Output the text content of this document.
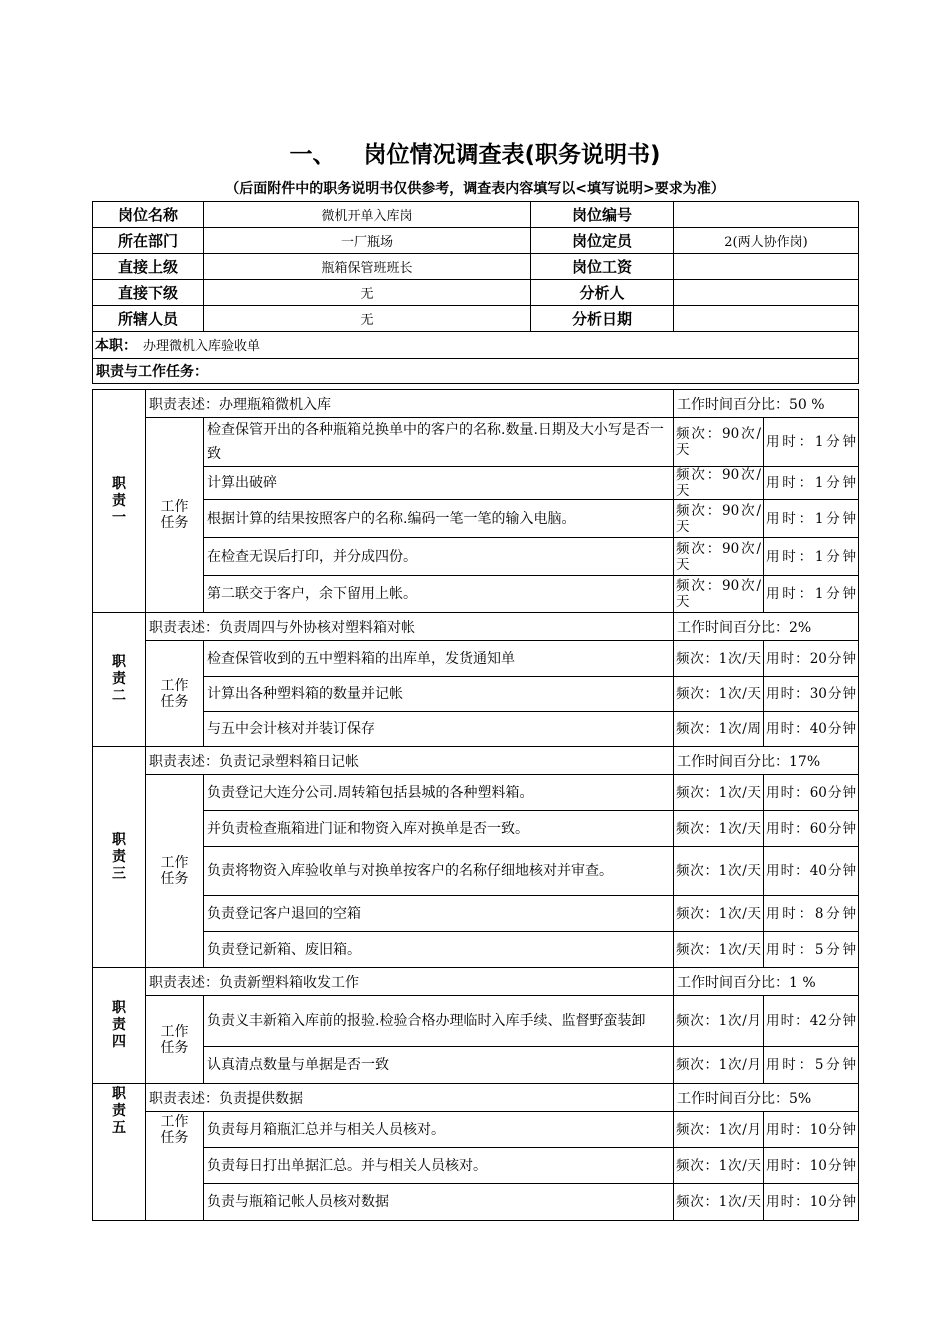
一、 岗位情况调查表(职务说明书)
（后面附件中的职务说明书仅供参考，调查表内容填写以<填写说明>要求为准）
岗位名称	微机开单入库岗	岗位编号	
所在部门	一厂瓶场	岗位定员	2(两人协作岗)
直接上级	瓶箱保管班班长	岗位工资	
直接下级	无	分析人	
所辖人员	无	分析日期	
本职： 办理微机入库验收单			
职责与工作任务：			
职责一	职责表述：办理瓶箱微机入库		工作时间百分比：50 %	

	工作任务	检查保管开出的各种瓶箱兑换单中的客户的名称.数量.日期及大小写是否一致	频次：90次/天	用时：1分钟
		计算出破碎	频次：90次/天	用时：1分钟
		根据计算的结果按照客户的名称.编码一笔一笔的输入电脑。	频次：90次/天	用时：1分钟
		在检查无误后打印，并分成四份。	频次：90次/天	用时：1分钟
		第二联交于客户，余下留用上帐。	频次：90次/天	用时：1分钟

职责二	职责表述：负责周四与外协核对塑料箱对帐		工作时间百分比：2%	

	工作任务	检查保管收到的五中塑料箱的出库单，发货通知单	频次：1次/天	用时：20分钟
		计算出各种塑料箱的数量并记帐	频次：1次/天	用时：30分钟
		与五中会计核对并装订保存	频次：1次/周	用时：40分钟

职责三	职责表述：负责记录塑料箱日记帐		工作时间百分比：17%	

	工作任务	负责登记大连分公司.周转箱包括县城的各种塑料箱。	频次：1次/天	用时：60分钟
		并负责检查瓶箱进门证和物资入库对换单是否一致。	频次：1次/天	用时：60分钟
		负责将物资入库验收单与对换单按客户的名称仔细地核对并审查。	频次：1次/天	用时：40分钟
		负责登记客户退回的空箱	频次：1次/天	用时：8分钟
		负责登记新箱、废旧箱。	频次：1次/天	用时：5分钟

职责四	职责表述：负责新塑料箱收发工作		工作时间百分比：1 %	

	工作任务	负责义丰新箱入库前的报验.检验合格办理临时入库手续、监督野蛮装卸	频次：1次/月	用时：42分钟
		认真清点数量与单据是否一致	频次：1次/月	用时：5分钟

职责五	职责表述：负责提供数据		工作时间百分比：5%	

	工作任务	负责每月箱瓶汇总并与相关人员核对。	频次：1次/月	用时：10分钟
		负责每日打出单据汇总。并与相关人员核对。	频次：1次/天	用时：10分钟
		负责与瓶箱记帐人员核对数据	频次：1次/天	用时：10分钟
